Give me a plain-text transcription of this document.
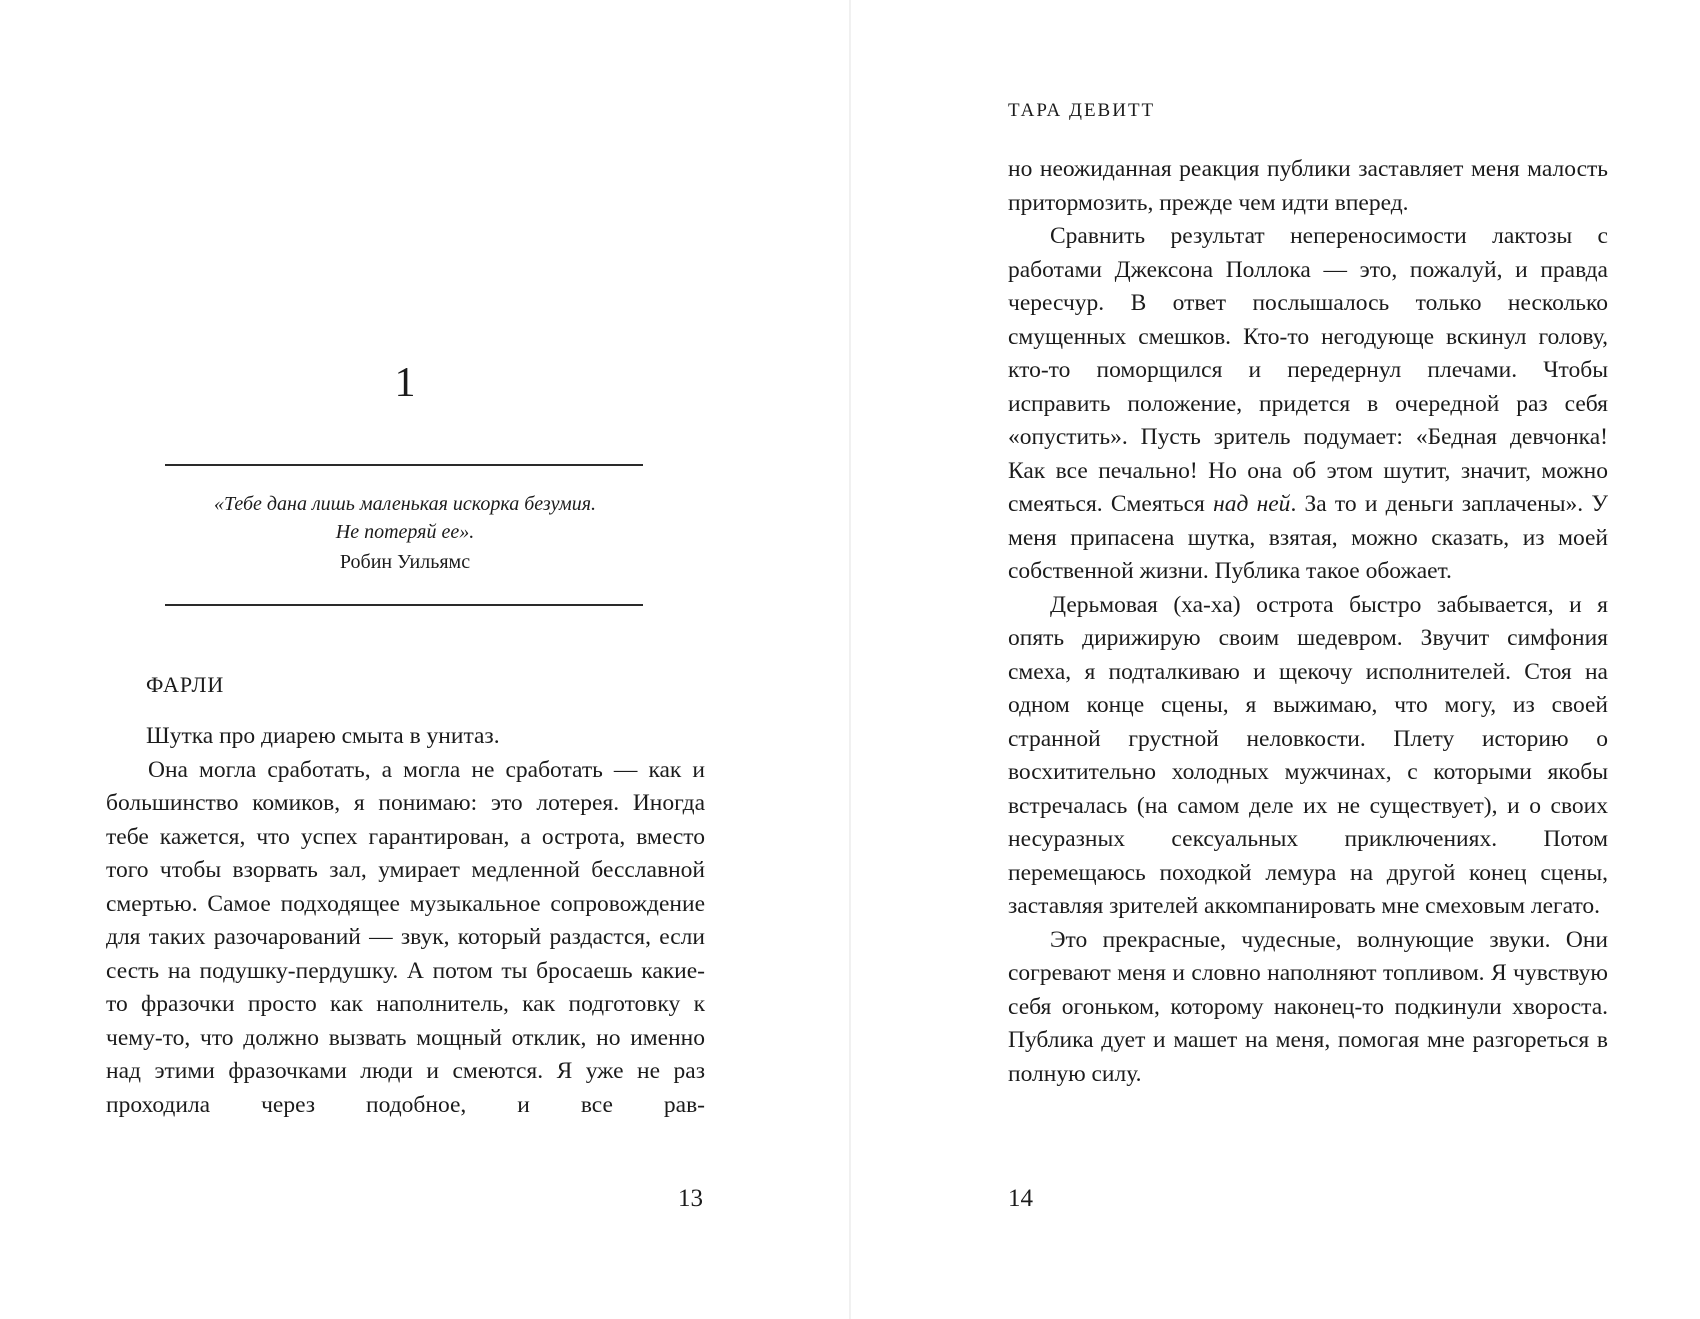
1
«Тебе дана лишь маленькая искорка безумия.
Не потеряй ее».
Робин Уильямс
ФАРЛИ

Шутка про диарею смыта в унитаз.

Она могла сработать, а могла не сработать — как и большинство комиков, я понимаю: это лотерея. Иногда тебе кажется, что успех гарантирован, а острота, вместо того чтобы взорвать зал, умирает медленной бесславной смертью. Самое подходящее музыкальное сопровождение для таких разочарований — звук, который раздастся, если сесть на подушку-пердушку. А потом ты бросаешь какие-то фразочки просто как наполнитель, как подготовку к чему-то, что должно вызвать мощный отклик, но именно над этими фразочками люди и смеются. Я уже не раз проходила через подобное, и все рав-

13
ТАРА ДЕВИТТ

но неожиданная реакция публики заставляет меня малость притормозить, прежде чем идти вперед.

Сравнить результат непереносимости лактозы с работами Джексона Поллока — это, пожалуй, и правда чересчур. В ответ послышалось только несколько смущенных смешков. Кто-то негодующе вскинул голову, кто-то поморщился и передернул плечами. Чтобы исправить положение, придется в очередной раз себя «опустить». Пусть зритель подумает: «Бедная девчонка! Как все печально! Но она об этом шутит, значит, можно смеяться. Смеяться над ней. За то и деньги заплачены». У меня припасена шутка, взятая, можно сказать, из моей собственной жизни. Публика такое обожает.

Дерьмовая (ха-ха) острота быстро забывается, и я опять дирижирую своим шедевром. Звучит симфония смеха, я подталкиваю и щекочу исполнителей. Стоя на одном конце сцены, я выжимаю, что могу, из своей странной грустной неловкости. Плету историю о восхитительно холодных мужчинах, с которыми якобы встречалась (на самом деле их не существует), и о своих несуразных сексуальных приключениях. Потом перемещаюсь походкой лемура на другой конец сцены, заставляя зрителей аккомпанировать мне смеховым легато.

Это прекрасные, чудесные, волнующие звуки. Они согревают меня и словно наполняют топливом. Я чувствую себя огоньком, которому наконец-то подкинули хвороста. Публика дует и машет на меня, помогая мне разгореться в полную силу.

14
